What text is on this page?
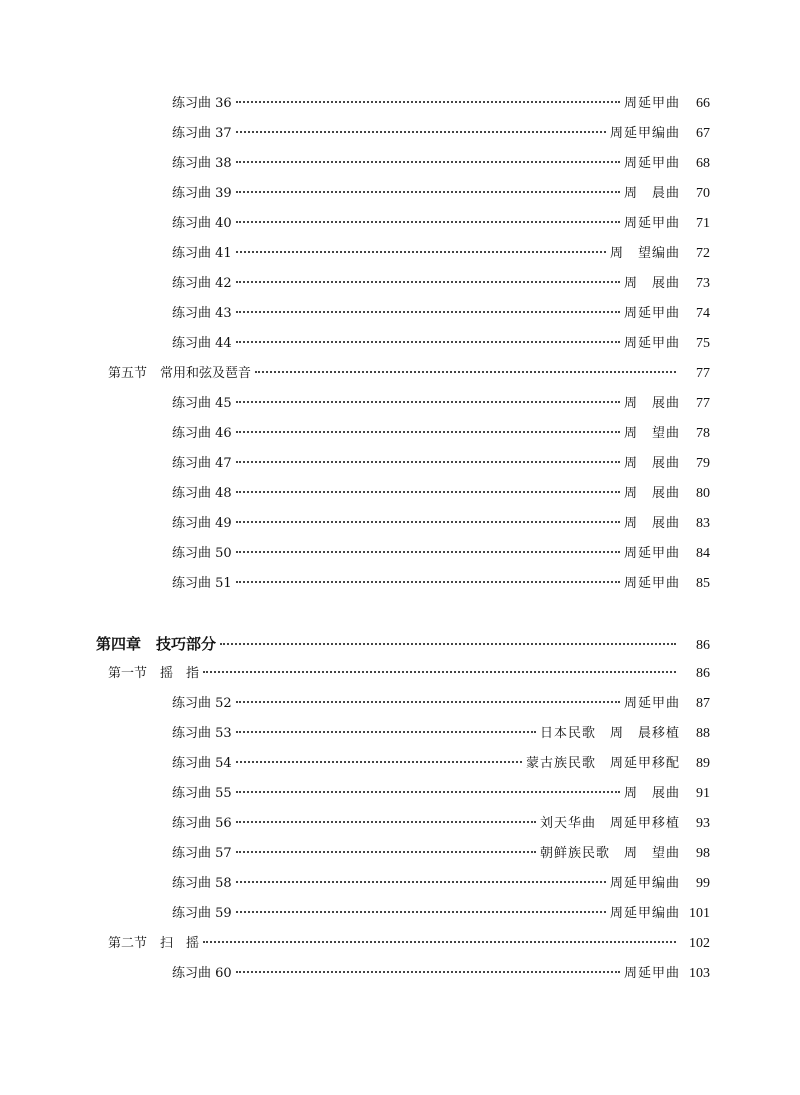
练习曲 36	周延甲曲	66
练习曲 37	周延甲编曲	67
练习曲 38	周延甲曲	68
练习曲 39	周　晨曲	70
练习曲 40	周延甲曲	71
练习曲 41	周　望编曲	72
练习曲 42	周　展曲	73
练习曲 43	周延甲曲	74
练习曲 44	周延甲曲	75
第五节　常用和弦及琶音	77
练习曲 45	周　展曲	77
练习曲 46	周　望曲	78
练习曲 47	周　展曲	79
练习曲 48	周　展曲	80
练习曲 49	周　展曲	83
练习曲 50	周延甲曲	84
练习曲 51	周延甲曲	85
第四章　技巧部分	86
第一节　摇　指	86
练习曲 52	周延甲曲	87
练习曲 53	日本民歌　周　晨移植	88
练习曲 54	蒙古族民歌　周延甲移配	89
练习曲 55	周　展曲	91
练习曲 56	刘天华曲　周延甲移植	93
练习曲 57	朝鲜族民歌　周　望曲	98
练习曲 58	周延甲编曲	99
练习曲 59	周延甲编曲 101
第二节　扫　摇	102
练习曲 60	周延甲曲 103
